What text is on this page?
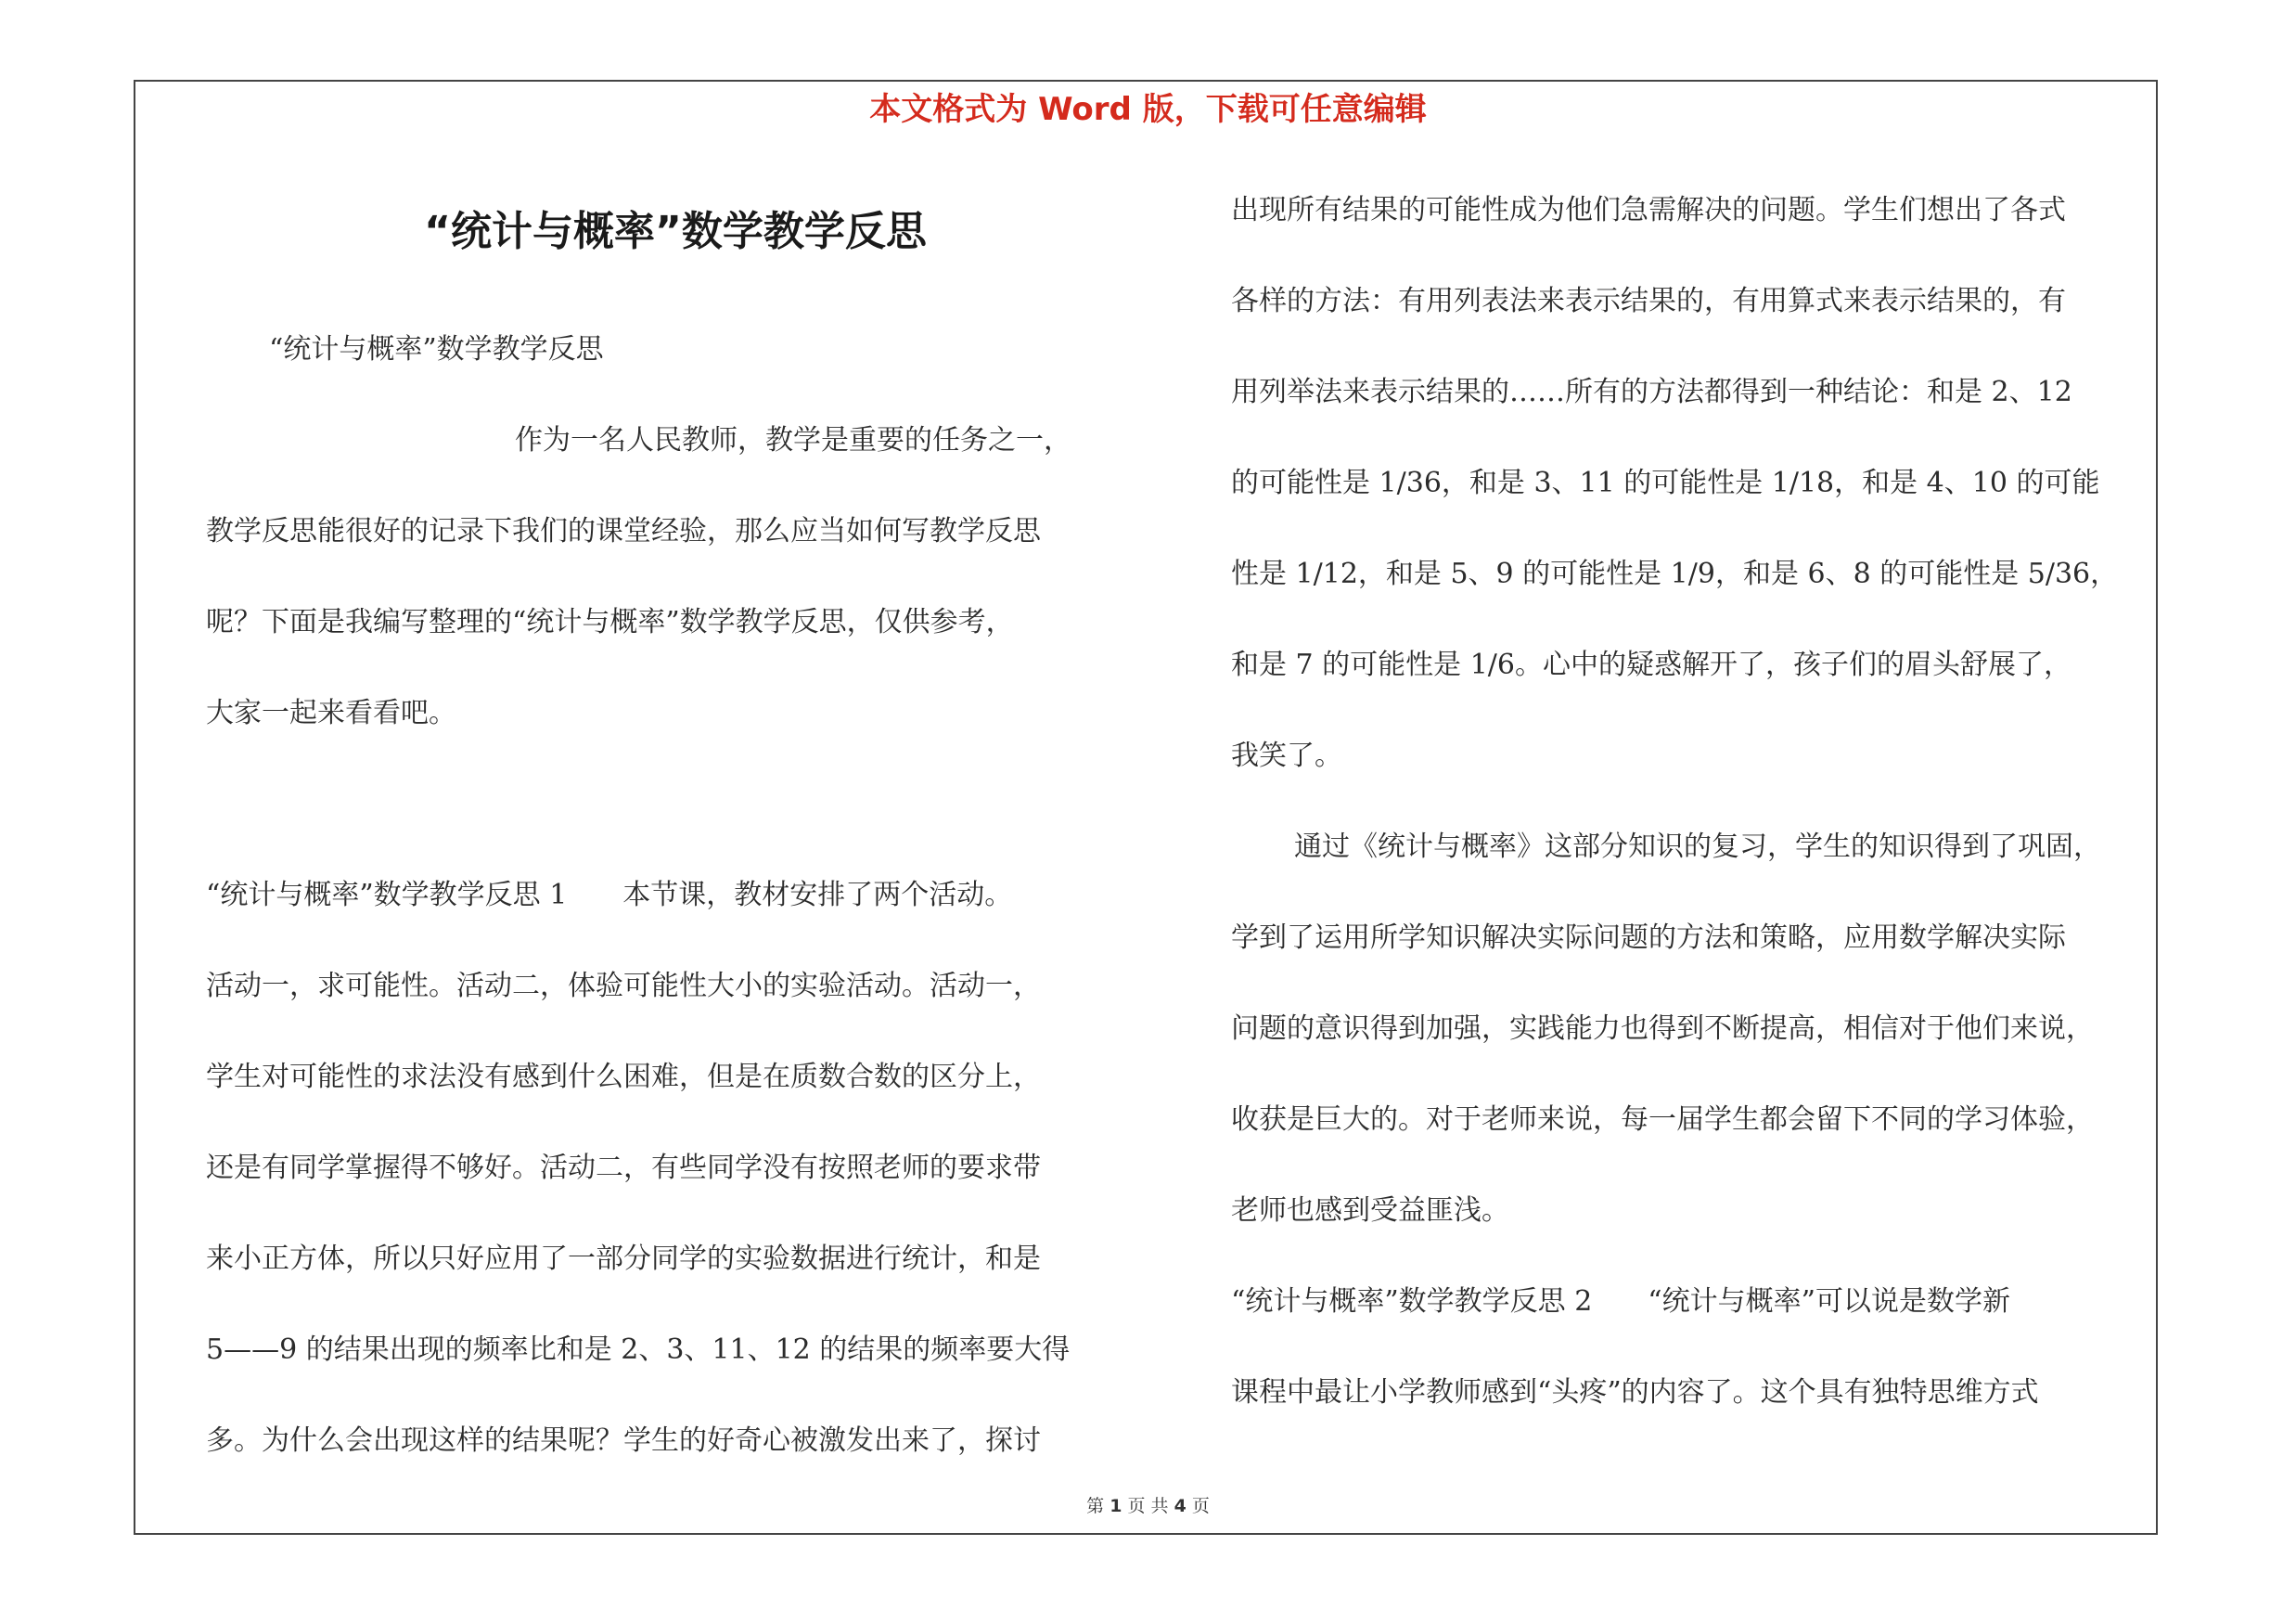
本文格式为 Word 版，下载可任意编辑
“统计与概率”数学教学反思
“统计与概率”数学教学反思
作为一名人民教师，教学是重要的任务之一，
教学反思能很好的记录下我们的课堂经验，那么应当如何写教学反思
呢？下面是我编写整理的“统计与概率”数学教学反思，仅供参考，
大家一起来看看吧。
“统计与概率”数学教学反思 1　　本节课，教材安排了两个活动。
活动一，求可能性。活动二，体验可能性大小的实验活动。活动一，
学生对可能性的求法没有感到什么困难，但是在质数合数的区分上，
还是有同学掌握得不够好。活动二，有些同学没有按照老师的要求带
来小正方体，所以只好应用了一部分同学的实验数据进行统计，和是
5——9 的结果出现的频率比和是 2、3、11、12 的结果的频率要大得
多。为什么会出现这样的结果呢？学生的好奇心被激发出来了，探讨
出现所有结果的可能性成为他们急需解决的问题。学生们想出了各式
各样的方法：有用列表法来表示结果的，有用算式来表示结果的，有
用列举法来表示结果的……所有的方法都得到一种结论：和是 2、12
的可能性是 1/36，和是 3、11 的可能性是 1/18，和是 4、10 的可能
性是 1/12，和是 5、9 的可能性是 1/9，和是 6、8 的可能性是 5/36，
和是 7 的可能性是 1/6。心中的疑惑解开了，孩子们的眉头舒展了，
我笑了。
通过《统计与概率》这部分知识的复习，学生的知识得到了巩固，
学到了运用所学知识解决实际问题的方法和策略，应用数学解决实际
问题的意识得到加强，实践能力也得到不断提高，相信对于他们来说，
收获是巨大的。对于老师来说，每一届学生都会留下不同的学习体验，
老师也感到受益匪浅。
“统计与概率”数学教学反思 2　　“统计与概率”可以说是数学新
课程中最让小学教师感到“头疼”的内容了。这个具有独特思维方式
第 1 页 共 4 页
